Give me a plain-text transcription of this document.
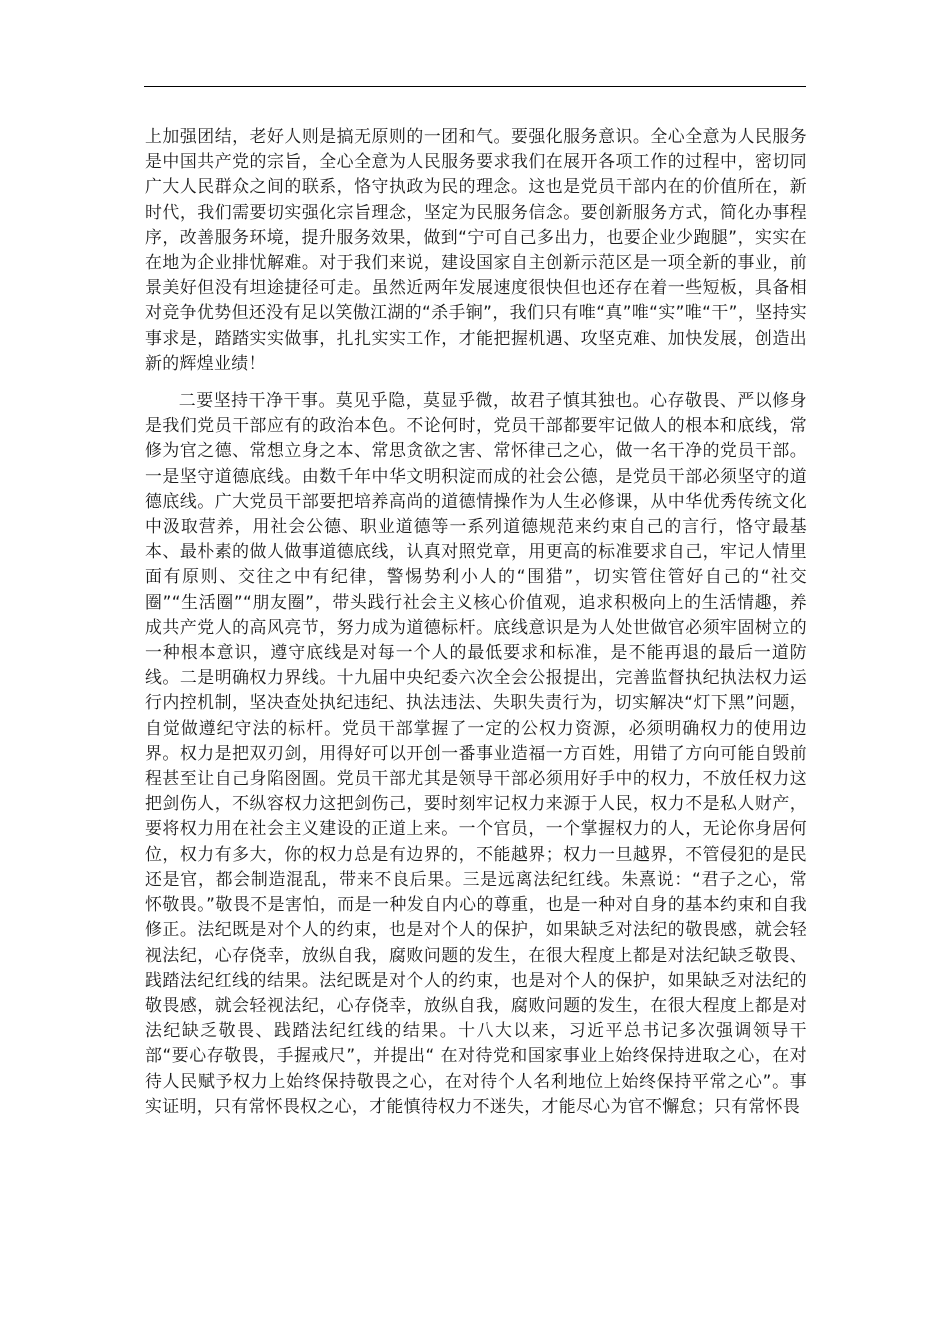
上加强团结，老好人则是搞无原则的一团和气。要强化服务意识。全心全意为人民服务是中国共产党的宗旨，全心全意为人民服务要求我们在展开各项工作的过程中，密切同广大人民群众之间的联系，恪守执政为民的理念。这也是党员干部内在的价值所在，新时代，我们需要切实强化宗旨理念，坚定为民服务信念。要创新服务方式，简化办事程序，改善服务环境，提升服务效果，做到“宁可自己多出力，也要企业少跑腿”，实实在在地为企业排忧解难。对于我们来说，建设国家自主创新示范区是一项全新的事业，前景美好但没有坦途捷径可走。虽然近两年发展速度很快但也还存在着一些短板，具备相对竞争优势但还没有足以笑傲江湖的“杀手锏”，我们只有唯“真”唯“实”唯“干”，坚持实事求是，踏踏实实做事，扎扎实实工作，才能把握机遇、攻坚克难、加快发展，创造出新的辉煌业绩！

二要坚持干净干事。莫见乎隐，莫显乎微，故君子慎其独也。心存敬畏、严以修身是我们党员干部应有的政治本色。不论何时，党员干部都要牢记做人的根本和底线，常修为官之德、常想立身之本、常思贪欲之害、常怀律己之心，做一名干净的党员干部。一是坚守道德底线。由数千年中华文明积淀而成的社会公德，是党员干部必须坚守的道德底线。广大党员干部要把培养高尚的道德情操作为人生必修课，从中华优秀传统文化中汲取营养，用社会公德、职业道德等一系列道德规范来约束自己的言行，恪守最基本、最朴素的做人做事道德底线，认真对照党章，用更高的标准要求自己，牢记人情里面有原则、交往之中有纪律，警惕势利小人的“围猎”，切实管住管好自己的“社交圈”“生活圈”“朋友圈”，带头践行社会主义核心价值观，追求积极向上的生活情趣，养成共产党人的高风亮节，努力成为道德标杆。底线意识是为人处世做官必须牢固树立的一种根本意识，遵守底线是对每一个人的最低要求和标准，是不能再退的最后一道防线。二是明确权力界线。十九届中央纪委六次全会公报提出，完善监督执纪执法权力运行内控机制，坚决查处执纪违纪、执法违法、失职失责行为，切实解决“灯下黑”问题，自觉做遵纪守法的标杆。党员干部掌握了一定的公权力资源，必须明确权力的使用边界。权力是把双刃剑，用得好可以开创一番事业造福一方百姓，用错了方向可能自毁前程甚至让自己身陷囹圄。党员干部尤其是领导干部必须用好手中的权力，不放任权力这把剑伤人，不纵容权力这把剑伤己，要时刻牢记权力来源于人民，权力不是私人财产，要将权力用在社会主义建设的正道上来。一个官员，一个掌握权力的人，无论你身居何位，权力有多大，你的权力总是有边界的，不能越界；权力一旦越界，不管侵犯的是民还是官，都会制造混乱，带来不良后果。三是远离法纪红线。朱熹说：“君子之心，常怀敬畏。”敬畏不是害怕，而是一种发自内心的尊重，也是一种对自身的基本约束和自我修正。法纪既是对个人的约束，也是对个人的保护，如果缺乏对法纪的敬畏感，就会轻视法纪，心存侥幸，放纵自我，腐败问题的发生，在很大程度上都是对法纪缺乏敬畏、践踏法纪红线的结果。法纪既是对个人的约束，也是对个人的保护，如果缺乏对法纪的敬畏感，就会轻视法纪，心存侥幸，放纵自我，腐败问题的发生，在很大程度上都是对法纪缺乏敬畏、践踏法纪红线的结果。十八大以来，习近平总书记多次强调领导干部“要心存敬畏，手握戒尺”，并提出“ 在对待党和国家事业上始终保持进取之心，在对待人民赋予权力上始终保持敬畏之心，在对待个人名利地位上始终保持平常之心”。事实证明，只有常怀畏权之心，才能慎待权力不迷失，才能尽心为官不懈怠；只有常怀畏
